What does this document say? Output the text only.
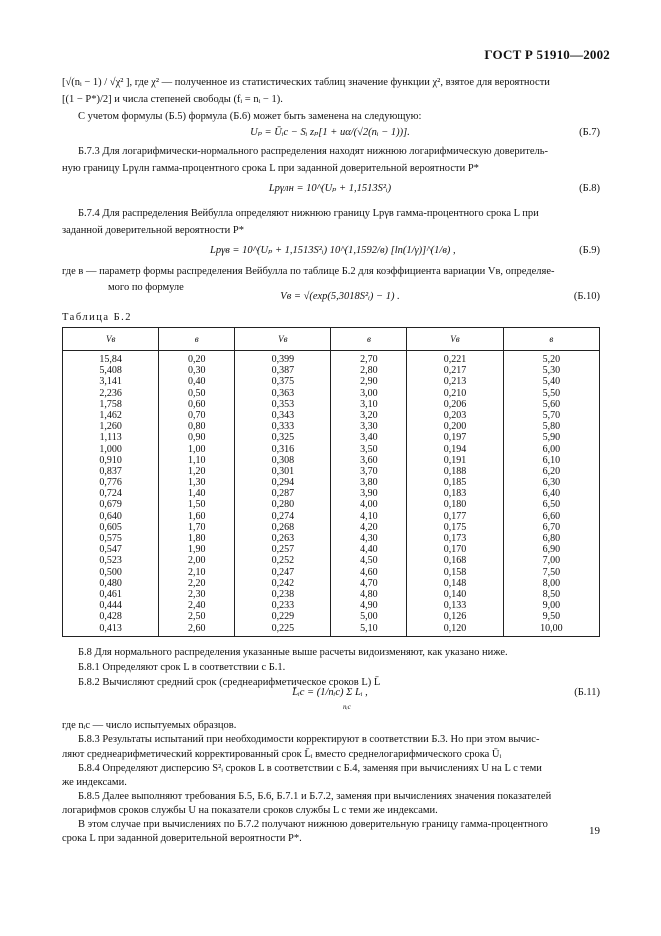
ГОСТ Р 51910—2002
[√(nᵢ − 1) / √χ² ], где χ² — полученное из статистических таблиц значение функции χ², взятое для вероятности
[(1 − P*)/2] и числа степеней свободы (fᵢ = nᵢ − 1).
С учетом формулы (Б.5) формула (Б.6) может быть заменена на следующую:
Uₚ = Ūᵢc − Sᵢ zₚ[1 + uα/(√2(nᵢ − 1))].	(Б.7)
Б.7.3 Для логарифмически-нормального распределения находят нижнюю логарифмическую доверитель-
ную границу Lpγлн гамма-процентного срока L при заданной доверительной вероятности P*
Lpγлн = 10^(Uₚ + 1,1513S²ᵢ)	(Б.8)
Б.7.4 Для распределения Вейбулла определяют нижнюю границу Lpγв гамма-процентного срока L при
заданной доверительной вероятности P*
Lpγв = 10^(Uₚ + 1,1513S²ᵢ) 10^(1,1592/в) [ln(1/γ)]^(1/в) ,	(Б.9)
где в — параметр формы распределения Вейбулла по таблице Б.2 для коэффициента вариации Vв, определяе-
мого по формуле
Vв = √(exp(5,3018S²ᵢ) − 1) .	(Б.10)
Таблица Б.2
Vв	в	Vв	в	Vв	в
15,84	0,20	0,399	2,70	0,221	5,20
5,408	0,30	0,387	2,80	0,217	5,30
3,141	0,40	0,375	2,90	0,213	5,40
2,236	0,50	0,363	3,00	0,210	5,50
1,758	0,60	0,353	3,10	0,206	5,60
1,462	0,70	0,343	3,20	0,203	5,70
1,260	0,80	0,333	3,30	0,200	5,80
1,113	0,90	0,325	3,40	0,197	5,90
1,000	1,00	0,316	3,50	0,194	6,00
0,910	1,10	0,308	3,60	0,191	6,10
0,837	1,20	0,301	3,70	0,188	6,20
0,776	1,30	0,294	3,80	0,185	6,30
0,724	1,40	0,287	3,90	0,183	6,40
0,679	1,50	0,280	4,00	0,180	6,50
0,640	1,60	0,274	4,10	0,177	6,60
0,605	1,70	0,268	4,20	0,175	6,70
0,575	1,80	0,263	4,30	0,173	6,80
0,547	1,90	0,257	4,40	0,170	6,90
0,523	2,00	0,252	4,50	0,168	7,00
0,500	2,10	0,247	4,60	0,158	7,50
0,480	2,20	0,242	4,70	0,148	8,00
0,461	2,30	0,238	4,80	0,140	8,50
0,444	2,40	0,233	4,90	0,133	9,00
0,428	2,50	0,229	5,00	0,126	9,50
0,413	2,60	0,225	5,10	0,120	10,00
Б.8 Для нормального распределения указанные выше расчеты видоизменяют, как указано ниже.
Б.8.1 Определяют срок L в соответствии с Б.1.
Б.8.2 Вычисляют средний срок (среднеарифметическое сроков L) L̄
L̄ᵢc = (1/nᵢc) Σ Lᵢ ,
nᵢc
(Б.11)
где nᵢc — число испытуемых образцов.
Б.8.3 Результаты испытаний при необходимости корректируют в соответствии Б.3. Но при этом вычис-
ляют среднеарифметический корректированный срок L̄ᵢ вместо среднелогарифмического срока Ūᵢ
Б.8.4 Определяют дисперсию S²ᵢ сроков L в соответствии с Б.4, заменяя при вычислениях U на L с теми
же индексами.
Б.8.5 Далее выполняют требования Б.5, Б.6, Б.7.1 и Б.7.2, заменяя при вычислениях значения показателей
логарифмов сроков службы U на показатели сроков службы L с теми же индексами.
В этом случае при вычислениях по Б.7.2 получают нижнюю доверительную границу гамма-процентного
срока L при заданной доверительной вероятности P*.
19
